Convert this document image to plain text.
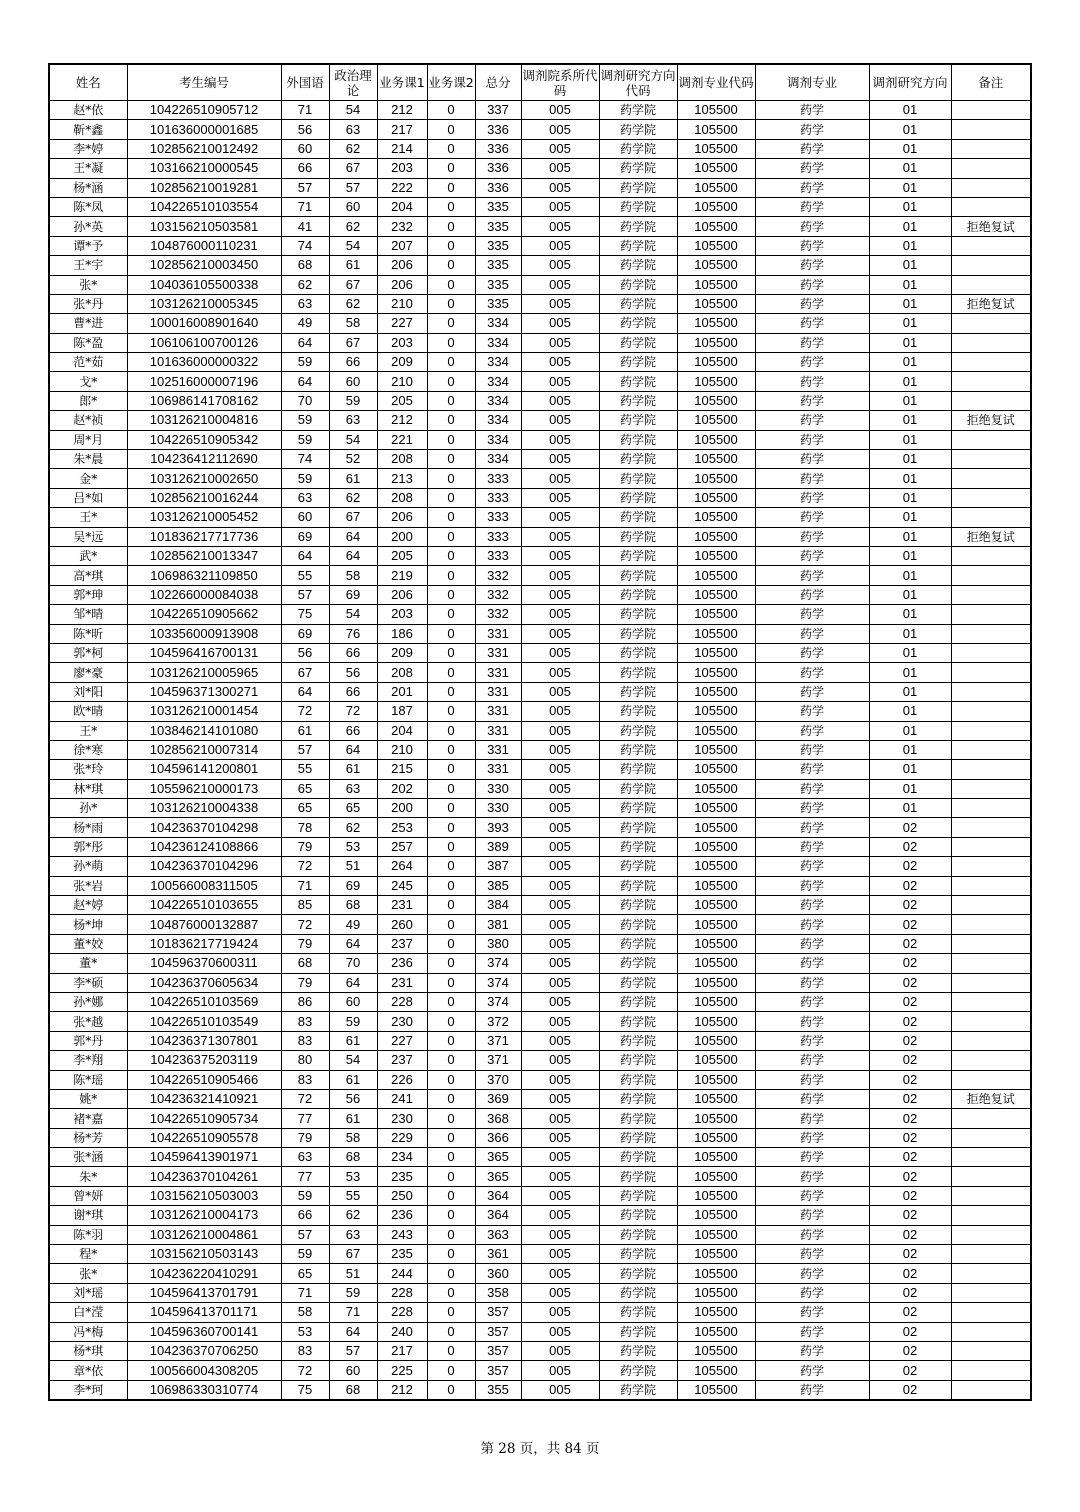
姓名	考生编号	外国语	政治理论	业务课1	业务课2	总分	调剂院系所代码	调剂研究方向代码	调剂专业代码	调剂专业	调剂研究方向	备注
赵*依	104226510905712	71	54	212	0	337	005	药学院	105500	药学	01	
靳*鑫	101636000001685	56	63	217	0	336	005	药学院	105500	药学	01	
李*婷	102856210012492	60	62	214	0	336	005	药学院	105500	药学	01	
王*凝	103166210000545	66	67	203	0	336	005	药学院	105500	药学	01	
杨*涵	102856210019281	57	57	222	0	336	005	药学院	105500	药学	01	
陈*凤	104226510103554	71	60	204	0	335	005	药学院	105500	药学	01	
孙*英	103156210503581	41	62	232	0	335	005	药学院	105500	药学	01	拒绝复试
谭*予	104876000110231	74	54	207	0	335	005	药学院	105500	药学	01	
王*宇	102856210003450	68	61	206	0	335	005	药学院	105500	药学	01	
张*	104036105500338	62	67	206	0	335	005	药学院	105500	药学	01	
张*丹	103126210005345	63	62	210	0	335	005	药学院	105500	药学	01	拒绝复试
曹*进	100016008901640	49	58	227	0	334	005	药学院	105500	药学	01	
陈*盈	106106100700126	64	67	203	0	334	005	药学院	105500	药学	01	
范*茹	101636000000322	59	66	209	0	334	005	药学院	105500	药学	01	
戈*	102516000007196	64	60	210	0	334	005	药学院	105500	药学	01	
郎*	106986141708162	70	59	205	0	334	005	药学院	105500	药学	01	
赵*祯	103126210004816	59	63	212	0	334	005	药学院	105500	药学	01	拒绝复试
周*月	104226510905342	59	54	221	0	334	005	药学院	105500	药学	01	
朱*晨	104236412112690	74	52	208	0	334	005	药学院	105500	药学	01	
金*	103126210002650	59	61	213	0	333	005	药学院	105500	药学	01	
吕*如	102856210016244	63	62	208	0	333	005	药学院	105500	药学	01	
王*	103126210005452	60	67	206	0	333	005	药学院	105500	药学	01	
吴*远	101836217717736	69	64	200	0	333	005	药学院	105500	药学	01	拒绝复试
武*	102856210013347	64	64	205	0	333	005	药学院	105500	药学	01	
高*琪	106986321109850	55	58	219	0	332	005	药学院	105500	药学	01	
郭*珅	102266000084038	57	69	206	0	332	005	药学院	105500	药学	01	
邹*晴	104226510905662	75	54	203	0	332	005	药学院	105500	药学	01	
陈*昕	103356000913908	69	76	186	0	331	005	药学院	105500	药学	01	
郭*柯	104596416700131	56	66	209	0	331	005	药学院	105500	药学	01	
廖*豪	103126210005965	67	56	208	0	331	005	药学院	105500	药学	01	
刘*阳	104596371300271	64	66	201	0	331	005	药学院	105500	药学	01	
欧*晴	103126210001454	72	72	187	0	331	005	药学院	105500	药学	01	
王*	103846214101080	61	66	204	0	331	005	药学院	105500	药学	01	
徐*寒	102856210007314	57	64	210	0	331	005	药学院	105500	药学	01	
张*玲	104596141200801	55	61	215	0	331	005	药学院	105500	药学	01	
林*琪	105596210000173	65	63	202	0	330	005	药学院	105500	药学	01	
孙*	103126210004338	65	65	200	0	330	005	药学院	105500	药学	01	
杨*雨	104236370104298	78	62	253	0	393	005	药学院	105500	药学	02	
郭*彤	104236124108866	79	53	257	0	389	005	药学院	105500	药学	02	
孙*萌	104236370104296	72	51	264	0	387	005	药学院	105500	药学	02	
张*岩	100566008311505	71	69	245	0	385	005	药学院	105500	药学	02	
赵*婷	104226510103655	85	68	231	0	384	005	药学院	105500	药学	02	
杨*坤	104876000132887	72	49	260	0	381	005	药学院	105500	药学	02	
董*姣	101836217719424	79	64	237	0	380	005	药学院	105500	药学	02	
董*	104596370600311	68	70	236	0	374	005	药学院	105500	药学	02	
李*硕	104236370605634	79	64	231	0	374	005	药学院	105500	药学	02	
孙*娜	104226510103569	86	60	228	0	374	005	药学院	105500	药学	02	
张*越	104226510103549	83	59	230	0	372	005	药学院	105500	药学	02	
郭*丹	104236371307801	83	61	227	0	371	005	药学院	105500	药学	02	
李*翔	104236375203119	80	54	237	0	371	005	药学院	105500	药学	02	
陈*瑶	104226510905466	83	61	226	0	370	005	药学院	105500	药学	02	
姚*	104236321410921	72	56	241	0	369	005	药学院	105500	药学	02	拒绝复试
褚*嘉	104226510905734	77	61	230	0	368	005	药学院	105500	药学	02	
杨*芳	104226510905578	79	58	229	0	366	005	药学院	105500	药学	02	
张*涵	104596413901971	63	68	234	0	365	005	药学院	105500	药学	02	
朱*	104236370104261	77	53	235	0	365	005	药学院	105500	药学	02	
曾*妍	103156210503003	59	55	250	0	364	005	药学院	105500	药学	02	
谢*琪	103126210004173	66	62	236	0	364	005	药学院	105500	药学	02	
陈*羽	103126210004861	57	63	243	0	363	005	药学院	105500	药学	02	
程*	103156210503143	59	67	235	0	361	005	药学院	105500	药学	02	
张*	104236220410291	65	51	244	0	360	005	药学院	105500	药学	02	
刘*瑶	104596413701791	71	59	228	0	358	005	药学院	105500	药学	02	
白*滢	104596413701171	58	71	228	0	357	005	药学院	105500	药学	02	
冯*梅	104596360700141	53	64	240	0	357	005	药学院	105500	药学	02	
杨*琪	104236370706250	83	57	217	0	357	005	药学院	105500	药学	02	
章*依	100566004308205	72	60	225	0	357	005	药学院	105500	药学	02	
李*珂	106986330310774	75	68	212	0	355	005	药学院	105500	药学	02	
第 28 页，共 84 页
